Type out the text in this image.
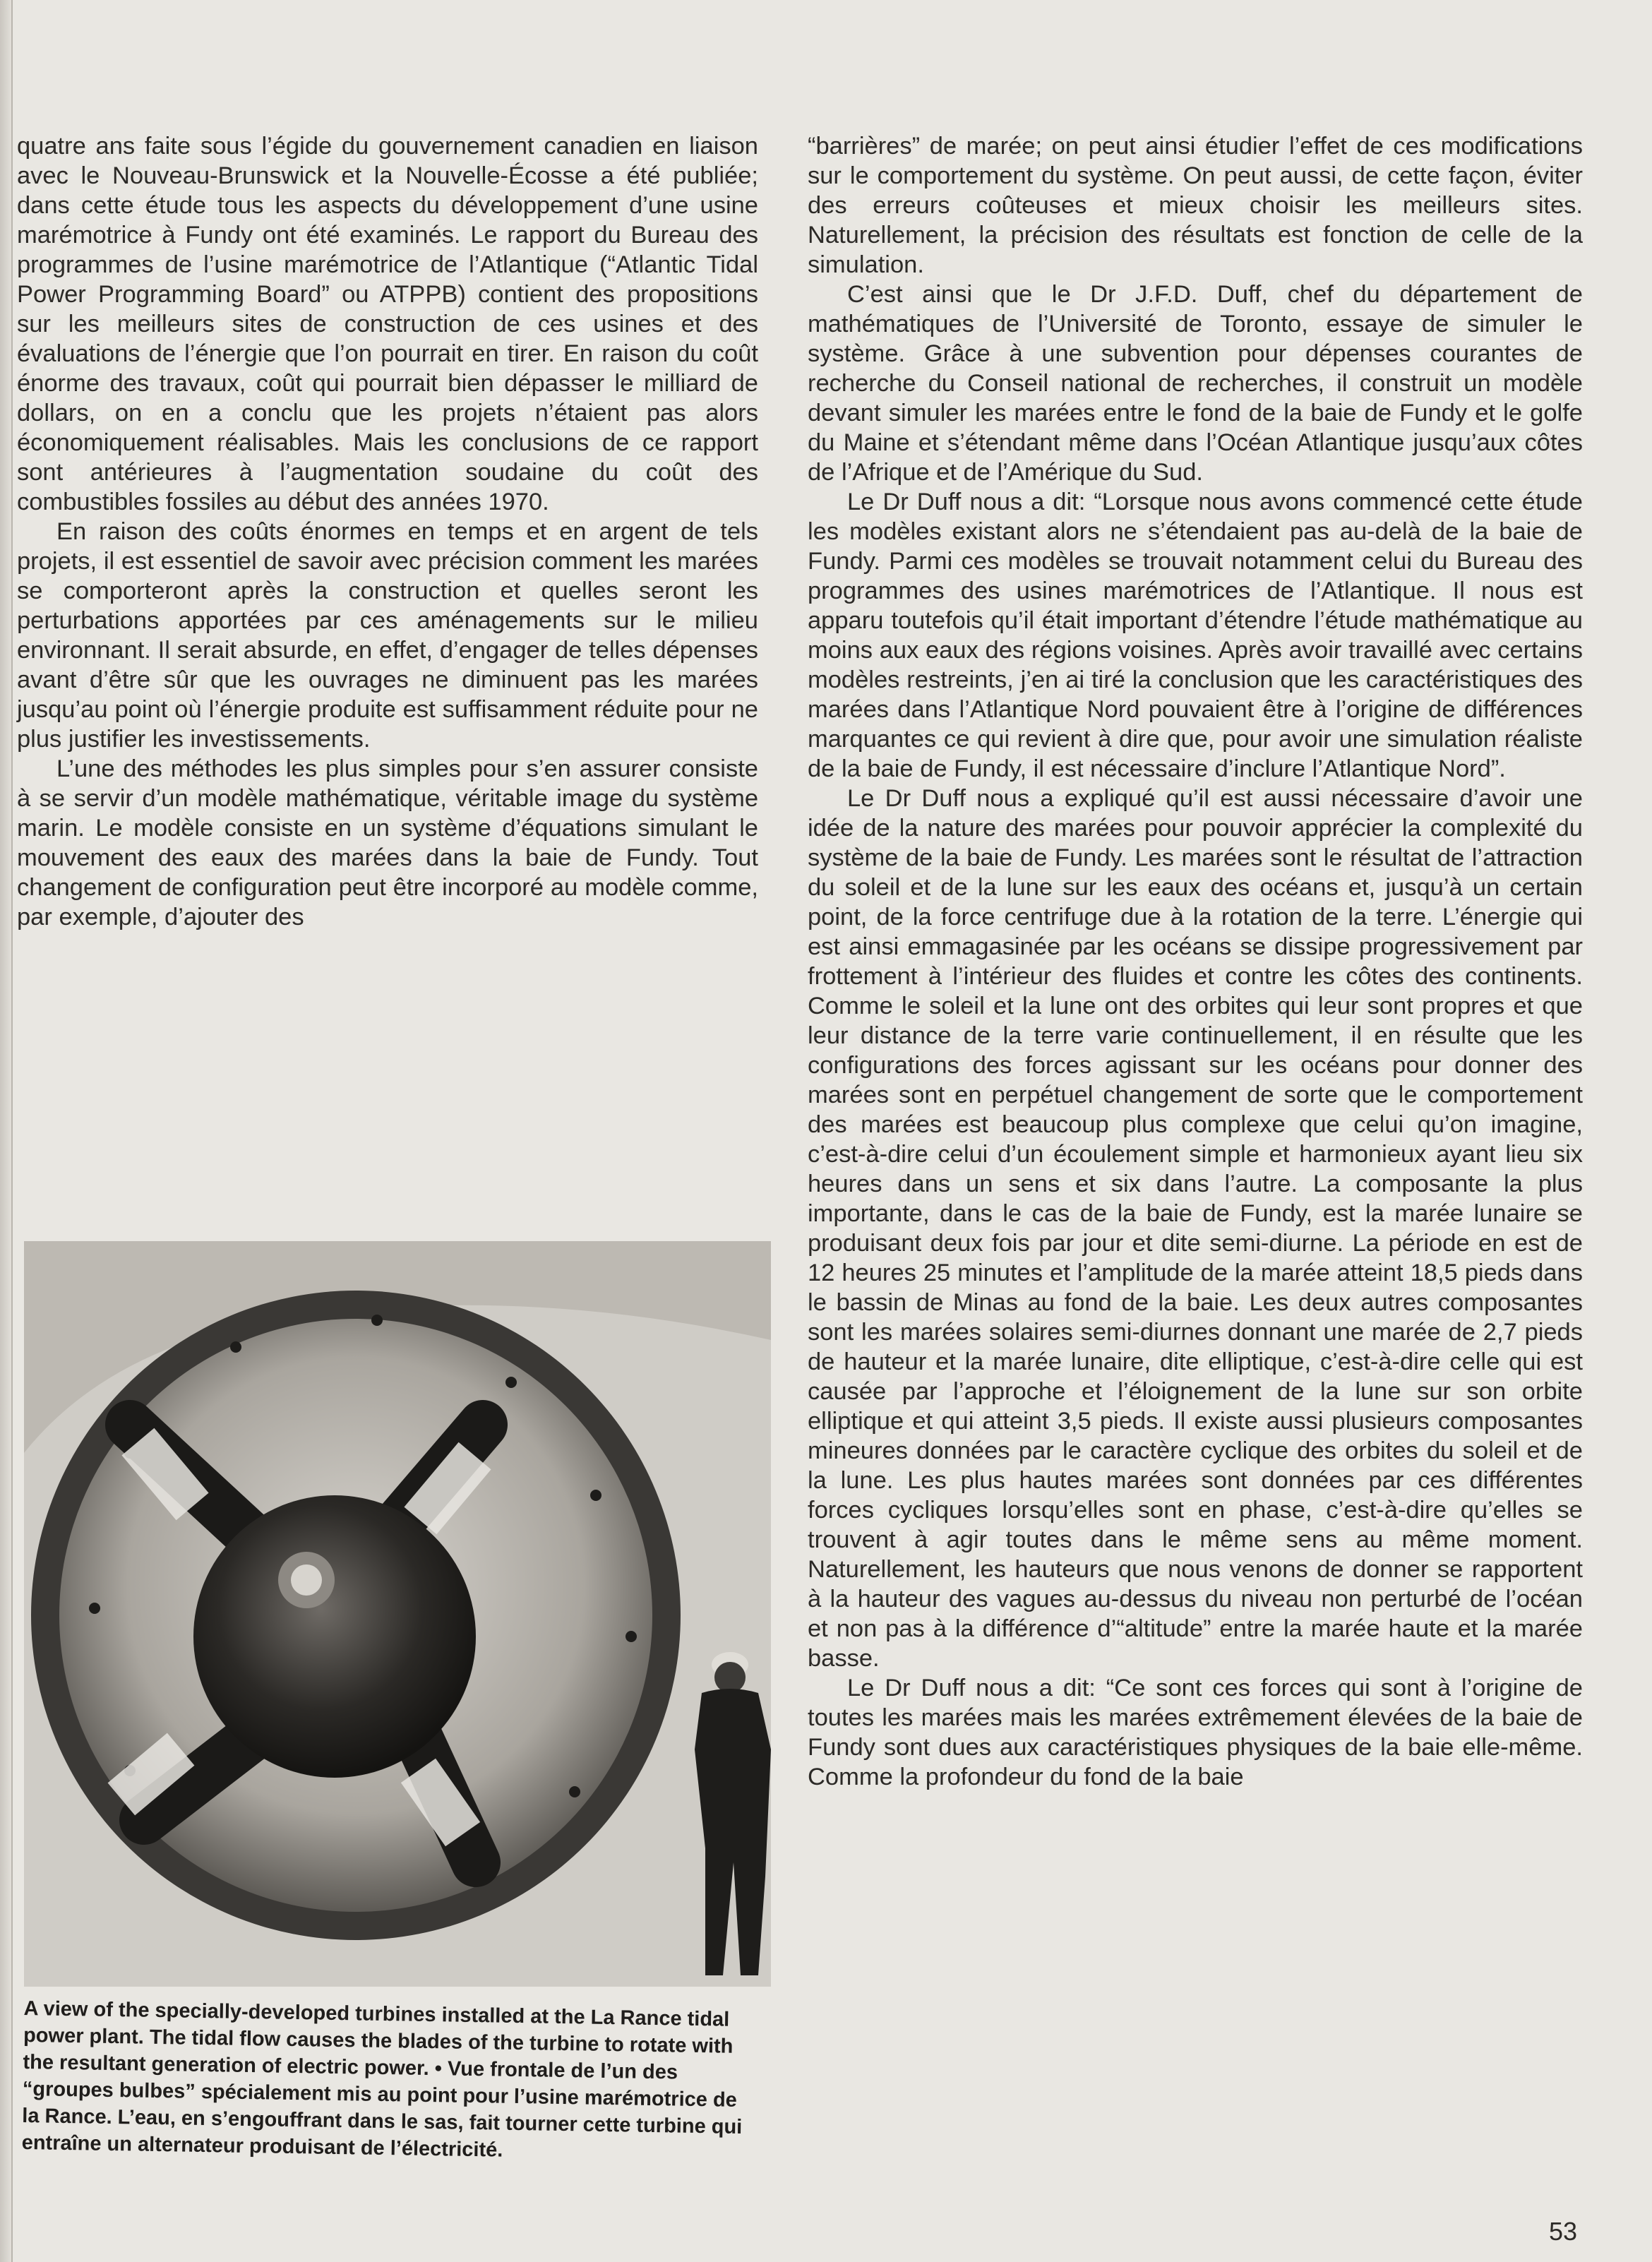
quatre ans faite sous l’égide du gouvernement canadien en liaison avec le Nouveau-Brunswick et la Nouvelle-Écosse a été publiée; dans cette étude tous les aspects du développement d’une usine marémotrice à Fundy ont été examinés. Le rapport du Bureau des programmes de l’usine marémotrice de l’Atlantique (“Atlantic Tidal Power Programming Board” ou ATPPB) contient des propositions sur les meilleurs sites de construction de ces usines et des évaluations de l’énergie que l’on pourrait en tirer. En raison du coût énorme des travaux, coût qui pourrait bien dépasser le milliard de dollars, on en a conclu que les projets n’étaient pas alors économiquement réalisables. Mais les conclusions de ce rapport sont antérieures à l’augmentation soudaine du coût des combustibles fossiles au début des années 1970.

En raison des coûts énormes en temps et en argent de tels projets, il est essentiel de savoir avec précision comment les marées se comporteront après la construction et quelles seront les perturbations apportées par ces aménagements sur le milieu environnant. Il serait absurde, en effet, d’engager de telles dépenses avant d’être sûr que les ouvrages ne diminuent pas les marées jusqu’au point où l’énergie produite est suffisamment réduite pour ne plus justifier les investissements.

L’une des méthodes les plus simples pour s’en assurer consiste à se servir d’un modèle mathématique, véritable image du système marin. Le modèle consiste en un système d’équations simulant le mouvement des eaux des marées dans la baie de Fundy. Tout changement de configuration peut être incorporé au modèle comme, par exemple, d’ajouter des

“barrières” de marée; on peut ainsi étudier l’effet de ces modifications sur le comportement du système. On peut aussi, de cette façon, éviter des erreurs coûteuses et mieux choisir les meilleurs sites. Naturellement, la précision des résultats est fonction de celle de la simulation.

C’est ainsi que le Dr J.F.D. Duff, chef du département de mathématiques de l’Université de Toronto, essaye de simuler le système. Grâce à une subvention pour dépenses courantes de recherche du Conseil national de recherches, il construit un modèle devant simuler les marées entre le fond de la baie de Fundy et le golfe du Maine et s’étendant même dans l’Océan Atlantique jusqu’aux côtes de l’Afrique et de l’Amérique du Sud.

Le Dr Duff nous a dit: “Lorsque nous avons commencé cette étude les modèles existant alors ne s’étendaient pas au-delà de la baie de Fundy. Parmi ces modèles se trouvait notamment celui du Bureau des programmes des usines marémotrices de l’Atlantique. Il nous est apparu toutefois qu’il était important d’étendre l’étude mathématique au moins aux eaux des régions voisines. Après avoir travaillé avec certains modèles restreints, j’en ai tiré la conclusion que les caractéristiques des marées dans l’Atlantique Nord pouvaient être à l’origine de différences marquantes ce qui revient à dire que, pour avoir une simulation réaliste de la baie de Fundy, il est nécessaire d’inclure l’Atlantique Nord”.

Le Dr Duff nous a expliqué qu’il est aussi nécessaire d’avoir une idée de la nature des marées pour pouvoir apprécier la complexité du système de la baie de Fundy. Les marées sont le résultat de l’attraction du soleil et de la lune sur les eaux des océans et, jusqu’à un certain point, de la force centrifuge due à la rotation de la terre. L’énergie qui est ainsi emmagasinée par les océans se dissipe progressivement par frottement à l’intérieur des fluides et contre les côtes des continents. Comme le soleil et la lune ont des orbites qui leur sont propres et que leur distance de la terre varie continuellement, il en résulte que les configurations des forces agissant sur les océans pour donner des marées sont en perpétuel changement de sorte que le comportement des marées est beaucoup plus complexe que celui qu’on imagine, c’est-à-dire celui d’un écoulement simple et harmonieux ayant lieu six heures dans un sens et six dans l’autre. La composante la plus importante, dans le cas de la baie de Fundy, est la marée lunaire se produisant deux fois par jour et dite semi-diurne. La période en est de 12 heures 25 minutes et l’amplitude de la marée atteint 18,5 pieds dans le bassin de Minas au fond de la baie. Les deux autres composantes sont les marées solaires semi-diurnes donnant une marée de 2,7 pieds de hauteur et la marée lunaire, dite elliptique, c’est-à-dire celle qui est causée par l’approche et l’éloignement de la lune sur son orbite elliptique et qui atteint 3,5 pieds. Il existe aussi plusieurs composantes mineures données par le caractère cyclique des orbites du soleil et de la lune. Les plus hautes marées sont données par ces différentes forces cycliques lorsqu’elles sont en phase, c’est-à-dire qu’elles se trouvent à agir toutes dans le même sens au même moment. Naturellement, les hauteurs que nous venons de donner se rapportent à la hauteur des vagues au-dessus du niveau non perturbé de l’océan et non pas à la différence d’“altitude” entre la marée haute et la marée basse.

Le Dr Duff nous a dit: “Ce sont ces forces qui sont à l’origine de toutes les marées mais les marées extrêmement élevées de la baie de Fundy sont dues aux caractéristiques physiques de la baie elle-même. Comme la profondeur du fond de la baie

A view of the specially-developed turbines installed at the La Rance tidal power plant. The tidal flow causes the blades of the turbine to rotate with the resultant generation of electric power. • Vue frontale de l’un des “groupes bulbes” spécialement mis au point pour l’usine marémotrice de la Rance. L’eau, en s’engouffrant dans le sas, fait tourner cette turbine qui entraîne un alternateur produisant de l’électricité.
53
